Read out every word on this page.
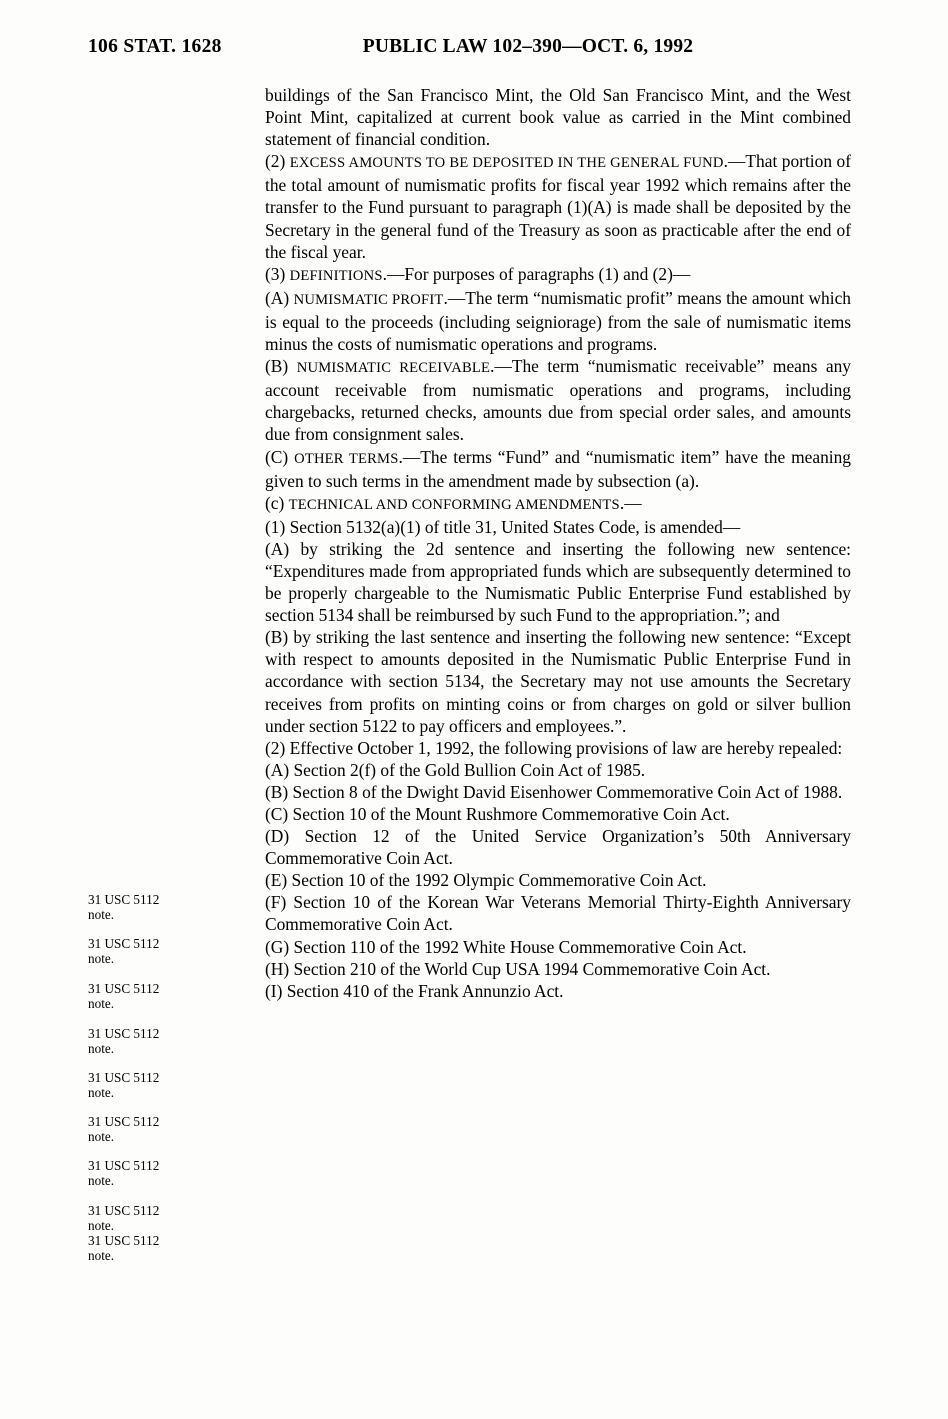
106 STAT. 1628	PUBLIC LAW 102–390—OCT. 6, 1992

buildings of the San Francisco Mint, the Old San Francisco Mint, and the West Point Mint, capitalized at current book value as carried in the Mint combined statement of financial condition.

(2) EXCESS AMOUNTS TO BE DEPOSITED IN THE GENERAL FUND.—That portion of the total amount of numismatic profits for fiscal year 1992 which remains after the transfer to the Fund pursuant to paragraph (1)(A) is made shall be deposited by the Secretary in the general fund of the Treasury as soon as practicable after the end of the fiscal year.

(3) DEFINITIONS.—For purposes of paragraphs (1) and (2)—

(A) NUMISMATIC PROFIT.—The term “numismatic profit” means the amount which is equal to the proceeds (including seigniorage) from the sale of numismatic items minus the costs of numismatic operations and programs.

(B) NUMISMATIC RECEIVABLE.—The term “numismatic receivable” means any account receivable from numismatic operations and programs, including chargebacks, returned checks, amounts due from special order sales, and amounts due from consignment sales.

(C) OTHER TERMS.—The terms “Fund” and “numismatic item” have the meaning given to such terms in the amendment made by subsection (a).

(c) TECHNICAL AND CONFORMING AMENDMENTS.—

(1) Section 5132(a)(1) of title 31, United States Code, is amended—

(A) by striking the 2d sentence and inserting the following new sentence: “Expenditures made from appropriated funds which are subsequently determined to be properly chargeable to the Numismatic Public Enterprise Fund established by section 5134 shall be reimbursed by such Fund to the appropriation.”; and

(B) by striking the last sentence and inserting the following new sentence: “Except with respect to amounts deposited in the Numismatic Public Enterprise Fund in accordance with section 5134, the Secretary may not use amounts the Secretary receives from profits on minting coins or from charges on gold or silver bullion under section 5122 to pay officers and employees.”.

(2) Effective October 1, 1992, the following provisions of law are hereby repealed:

(A) Section 2(f) of the Gold Bullion Coin Act of 1985.

(B) Section 8 of the Dwight David Eisenhower Commemorative Coin Act of 1988.

(C) Section 10 of the Mount Rushmore Commemorative Coin Act.

(D) Section 12 of the United Service Organization’s 50th Anniversary Commemorative Coin Act.

(E) Section 10 of the 1992 Olympic Commemorative Coin Act.

(F) Section 10 of the Korean War Veterans Memorial Thirty-Eighth Anniversary Commemorative Coin Act.

(G) Section 110 of the 1992 White House Commemorative Coin Act.

(H) Section 210 of the World Cup USA 1994 Commemorative Coin Act.

(I) Section 410 of the Frank Annunzio Act.

31 USC 5112
note.
31 USC 5112
note.
31 USC 5112
note.
31 USC 5112
note.
31 USC 5112
note.
31 USC 5112
note.
31 USC 5112
note.
31 USC 5112
note.
31 USC 5112
note.
